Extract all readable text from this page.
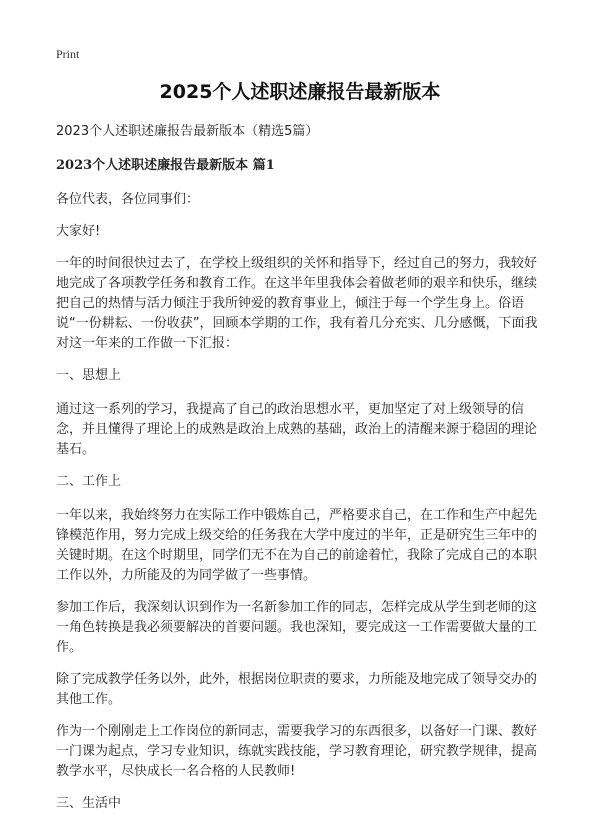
Print
2025个人述职述廉报告最新版本

2023个人述职述廉报告最新版本（精选5篇）

2023个人述职述廉报告最新版本 篇1

各位代表，各位同事们：

大家好!

一年的时间很快过去了，在学校上级组织的关怀和指导下，经过自己的努力，我较好地完成了各项教学任务和教育工作。在这半年里我体会着做老师的艰辛和快乐，继续把自己的热情与活力倾注于我所钟爱的教育事业上，倾注于每一个学生身上。俗语说“一份耕耘、一份收获”，回顾本学期的工作，我有着几分充实、几分感慨，下面我对这一年来的工作做一下汇报：

一、思想上

通过这一系列的学习，我提高了自己的政治思想水平，更加坚定了对上级领导的信念，并且懂得了理论上的成熟是政治上成熟的基础，政治上的清醒来源于稳固的理论基石。

二、工作上

一年以来，我始终努力在实际工作中锻炼自己，严格要求自己，在工作和生产中起先锋模范作用，努力完成上级交给的任务我在大学中度过的半年，正是研究生三年中的关键时期。在这个时期里，同学们无不在为自己的前途着忙，我除了完成自己的本职工作以外，力所能及的为同学做了一些事情。

参加工作后，我深刻认识到作为一名新参加工作的同志，怎样完成从学生到老师的这一角色转换是我必须要解决的首要问题。我也深知，要完成这一工作需要做大量的工作。

除了完成教学任务以外，此外，根据岗位职责的要求，力所能及地完成了领导交办的其他工作。

作为一个刚刚走上工作岗位的新同志，需要我学习的东西很多，以备好一门课、教好一门课为起点，学习专业知识，练就实践技能，学习教育理论，研究教学规律，提高教学水平，尽快成长一名合格的人民教师!

三、生活中
